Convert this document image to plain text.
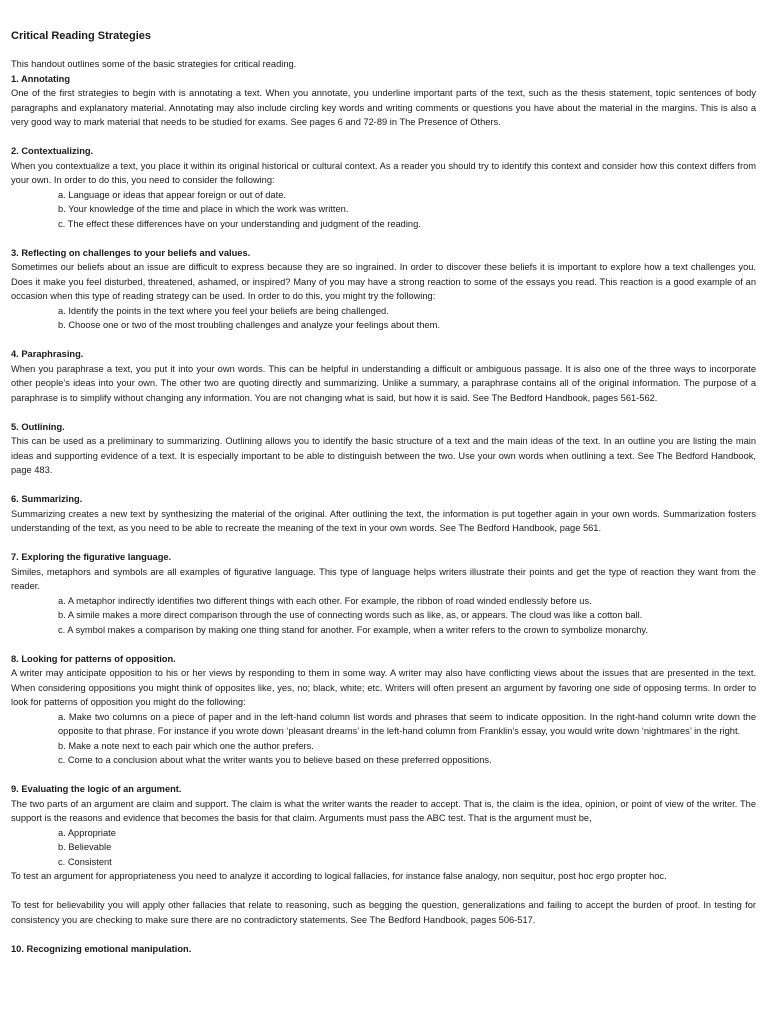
Critical Reading Strategies

This handout outlines some of the basic strategies for critical reading.

1. Annotating

One of the first strategies to begin with is annotating a text. When you annotate, you underline important parts of the text, such as the thesis statement, topic sentences of body paragraphs and explanatory material. Annotating may also include circling key words and writing comments or questions you have about the material in the margins. This is also a very good way to mark material that needs to be studied for exams. See pages 6 and 72-89 in The Presence of Others.

2. Contextualizing.

When you contextualize a text, you place it within its original historical or cultural context. As a reader you should try to identify this context and consider how this context differs from your own. In order to do this, you need to consider the following:

a. Language or ideas that appear foreign or out of date.
b. Your knowledge of the time and place in which the work was written.
c. The effect these differences have on your understanding and judgment of the reading.

3. Reflecting on challenges to your beliefs and values.

Sometimes our beliefs about an issue are difficult to express because they are so ingrained. In order to discover these beliefs it is important to explore how a text challenges you. Does it make you feel disturbed, threatened, ashamed, or inspired? Many of you may have a strong reaction to some of the essays you read. This reaction is a good example of an occasion when this type of reading strategy can be used. In order to do this, you might try the following:

a. Identify the points in the text where you feel your beliefs are being challenged.
b. Choose one or two of the most troubling challenges and analyze your feelings about them.

4. Paraphrasing.

When you paraphrase a text, you put it into your own words. This can be helpful in understanding a difficult or ambiguous passage. It is also one of the three ways to incorporate other people’s ideas into your own. The other two are quoting directly and summarizing. Unlike a summary, a paraphrase contains all of the original information. The purpose of a paraphrase is to simplify without changing any information. You are not changing what is said, but how it is said. See The Bedford Handbook, pages 561-562.

5. Outlining.

This can be used as a preliminary to summarizing. Outlining allows you to identify the basic structure of a text and the main ideas of the text. In an outline you are listing the main ideas and supporting evidence of a text. It is especially important to be able to distinguish between the two. Use your own words when outlining a text. See The Bedford Handbook, page 483.

6. Summarizing.

Summarizing creates a new text by synthesizing the material of the original. After outlining the text, the information is put together again in your own words. Summarization fosters understanding of the text, as you need to be able to recreate the meaning of the text in your own words. See The Bedford Handbook, page 561.

7. Exploring the figurative language.

Similes, metaphors and symbols are all examples of figurative language. This type of language helps writers illustrate their points and get the type of reaction they want from the reader.

a. A metaphor indirectly identifies two different things with each other. For example, the ribbon of road winded endlessly before us.
b. A simile makes a more direct comparison through the use of connecting words such as like, as, or appears. The cloud was like a cotton ball.
c. A symbol makes a comparison by making one thing stand for another. For example, when a writer refers to the crown to symbolize monarchy.

8. Looking for patterns of opposition.

A writer may anticipate opposition to his or her views by responding to them in some way. A writer may also have conflicting views about the issues that are presented in the text. When considering oppositions you might think of opposites like, yes, no; black, white; etc. Writers will often present an argument by favoring one side of opposing terms. In order to look for patterns of opposition you might do the following:

a. Make two columns on a piece of paper and in the left-hand column list words and phrases that seem to indicate opposition. In the right-hand column write down the opposite to that phrase. For instance if you wrote down ‘pleasant dreams’ in the left-hand column from Franklin’s essay, you would write down ‘nightmares’ in the right.
b. Make a note next to each pair which one the author prefers.
c. Come to a conclusion about what the writer wants you to believe based on these preferred oppositions.

9. Evaluating the logic of an argument.

The two parts of an argument are claim and support. The claim is what the writer wants the reader to accept. That is, the claim is the idea, opinion, or point of view of the writer. The support is the reasons and evidence that becomes the basis for that claim. Arguments must pass the ABC test. That is the argument must be,

a. Appropriate
b. Believable
c. Consistent

To test an argument for appropriateness you need to analyze it according to logical fallacies, for instance false analogy, non sequitur, post hoc ergo propter hoc.

To test for believability you will apply other fallacies that relate to reasoning, such as begging the question, generalizations and failing to accept the burden of proof. In testing for consistency you are checking to make sure there are no contradictory statements. See The Bedford Handbook, pages 506-517.

10. Recognizing emotional manipulation.
